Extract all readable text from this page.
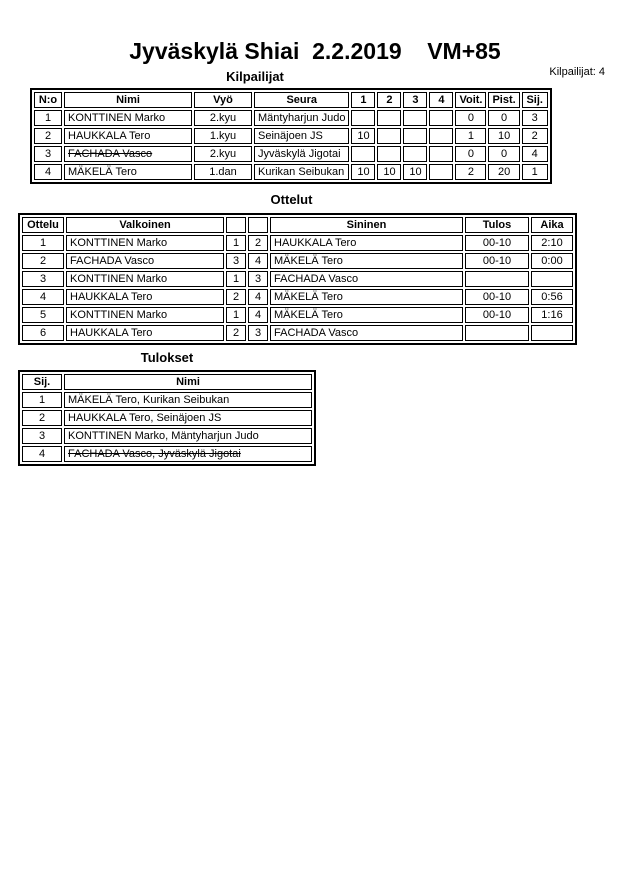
Jyväskylä Shiai  2.2.2019    VM+85
Kilpailijat: 4
Kilpailijat
N:o	Nimi	Vyö	Seura	1	2	3	4	Voit.	Pist.	Sij.
1	KONTTINEN Marko	2.kyu	Mäntyharjun Judo					0	0	3
2	HAUKKALA Tero	1.kyu	Seinäjoen JS	10				1	10	2
3	FACHADA Vasco	2.kyu	Jyväskylä Jigotai					0	0	4
4	MÄKELÄ Tero	1.dan	Kurikan Seibukan	10	10	10		2	20	1
Ottelut
Ottelu	Valkoinen			Sininen	Tulos	Aika
1	KONTTINEN Marko	1	2	HAUKKALA Tero	00-10	2:10
2	FACHADA Vasco	3	4	MÄKELÄ Tero	00-10	0:00
3	KONTTINEN Marko	1	3	FACHADA Vasco		
4	HAUKKALA Tero	2	4	MÄKELÄ Tero	00-10	0:56
5	KONTTINEN Marko	1	4	MÄKELÄ Tero	00-10	1:16
6	HAUKKALA Tero	2	3	FACHADA Vasco		
Tulokset
Sij.	Nimi
1	MÄKELÄ Tero, Kurikan Seibukan
2	HAUKKALA Tero, Seinäjoen JS
3	KONTTINEN Marko, Mäntyharjun Judo
4	FACHADA Vasco, Jyväskylä Jigotai
